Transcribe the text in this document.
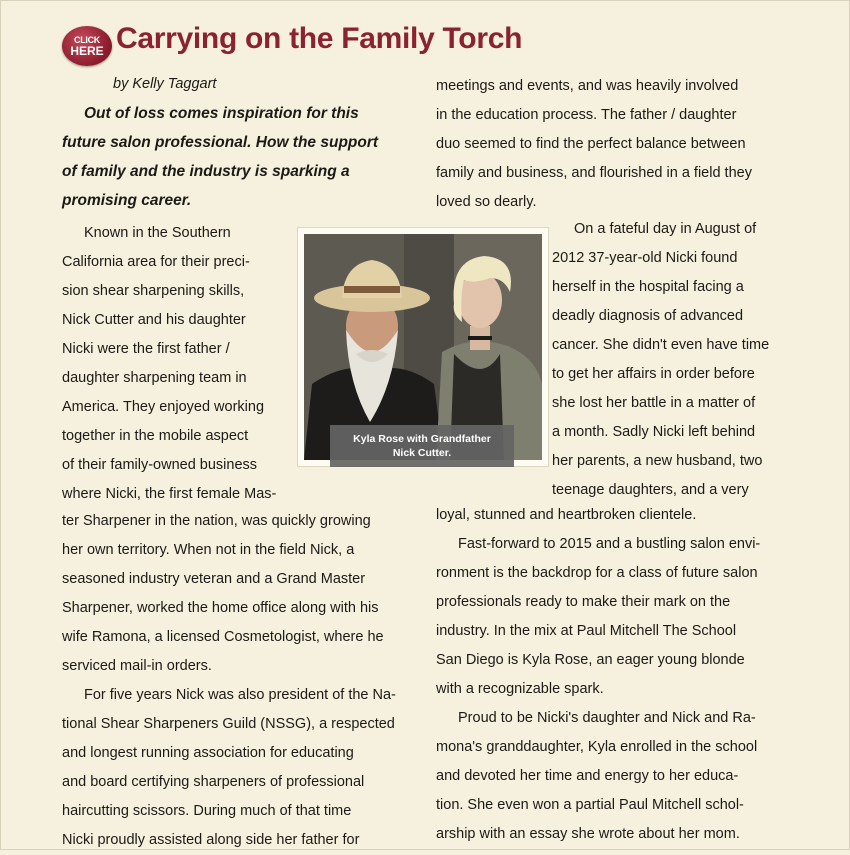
CLICK
HERE Carrying on the Family Torch
by Kelly Taggart
Out of loss comes inspiration for this
future salon professional. How the support
of family and the industry is sparking a
promising career.
Known in the Southern
California area for their preci-
sion shear sharpening skills,
Nick Cutter and his daughter
Nicki were the first father /
daughter sharpening team in
America. They enjoyed working
together in the mobile aspect
of their family-owned business
where Nicki, the first female Mas-
ter Sharpener in the nation, was quickly growing
her own territory. When not in the field Nick, a
seasoned industry veteran and a Grand Master
Sharpener, worked the home office along with his
wife Ramona, a licensed Cosmetologist, where he
serviced mail-in orders.
For five years Nick was also president of the Na-
tional Shear Sharpeners Guild (NSSG), a respected
and longest running association for educating
and board certifying sharpeners of professional
haircutting scissors. During much of that time
Nicki proudly assisted along side her father for
meetings and events, and was heavily involved
in the education process. The father / daughter
duo seemed to find the perfect balance between
family and business, and flourished in a field they
loved so dearly.
On a fateful day in August of
2012 37-year-old Nicki found
herself in the hospital facing a
deadly diagnosis of advanced
cancer. She didn't even have time
to get her affairs in order before
she lost her battle in a matter of
a month. Sadly Nicki left behind
her parents, a new husband, two
teenage daughters, and a very
loyal, stunned and heartbroken clientele.
Fast-forward to 2015 and a bustling salon envi-
ronment is the backdrop for a class of future salon
professionals ready to make their mark on the
industry. In the mix at Paul Mitchell The School
San Diego is Kyla Rose, an eager young blonde
with a recognizable spark.
Proud to be Nicki's daughter and Nick and Ra-
mona's granddaughter, Kyla enrolled in the school
and devoted her time and energy to her educa-
tion. She even won a partial Paul Mitchell schol-
arship with an essay she wrote about her mom.
Kyla Rose with Grandfather
Nick Cutter.
